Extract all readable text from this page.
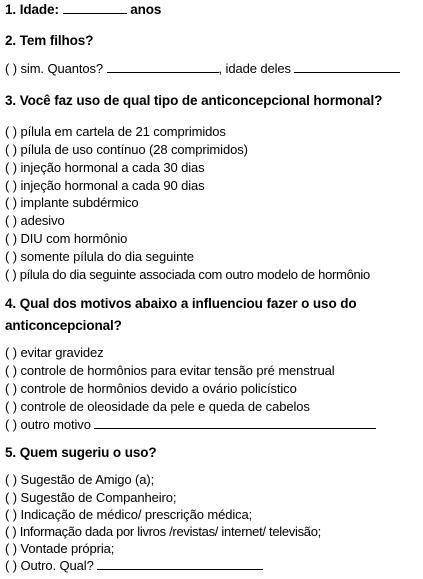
1. Idade:	anos
2. Tem filhos?
( ) sim. Quantos?	, idade deles
3. Você faz uso de qual tipo de anticoncepcional hormonal?
( ) pílula em cartela de 21 comprimidos
( ) pílula de uso contínuo (28 comprimidos)
( ) injeção hormonal a cada 30 dias
( ) injeção hormonal a cada 90 dias
( ) implante subdérmico
( ) adesivo
( ) DIU com hormônio
( ) somente pílula do dia seguinte
( ) pílula do dia seguinte associada com outro modelo de hormônio
4. Qual dos motivos abaixo a influenciou fazer o uso do
anticoncepcional?
( ) evitar gravidez
( ) controle de hormônios para evitar tensão pré menstrual
( ) controle de hormônios devido a ovário policístico
( ) controle de oleosidade da pele e queda de cabelos
( ) outro motivo
5. Quem sugeriu o uso?
( ) Sugestão de Amigo (a);
( ) Sugestão de Companheiro;
( ) Indicação de médico/ prescrição médica;
( ) Informação dada por livros /revistas/ internet/ televisão;
( ) Vontade própria;
( ) Outro. Qual?
